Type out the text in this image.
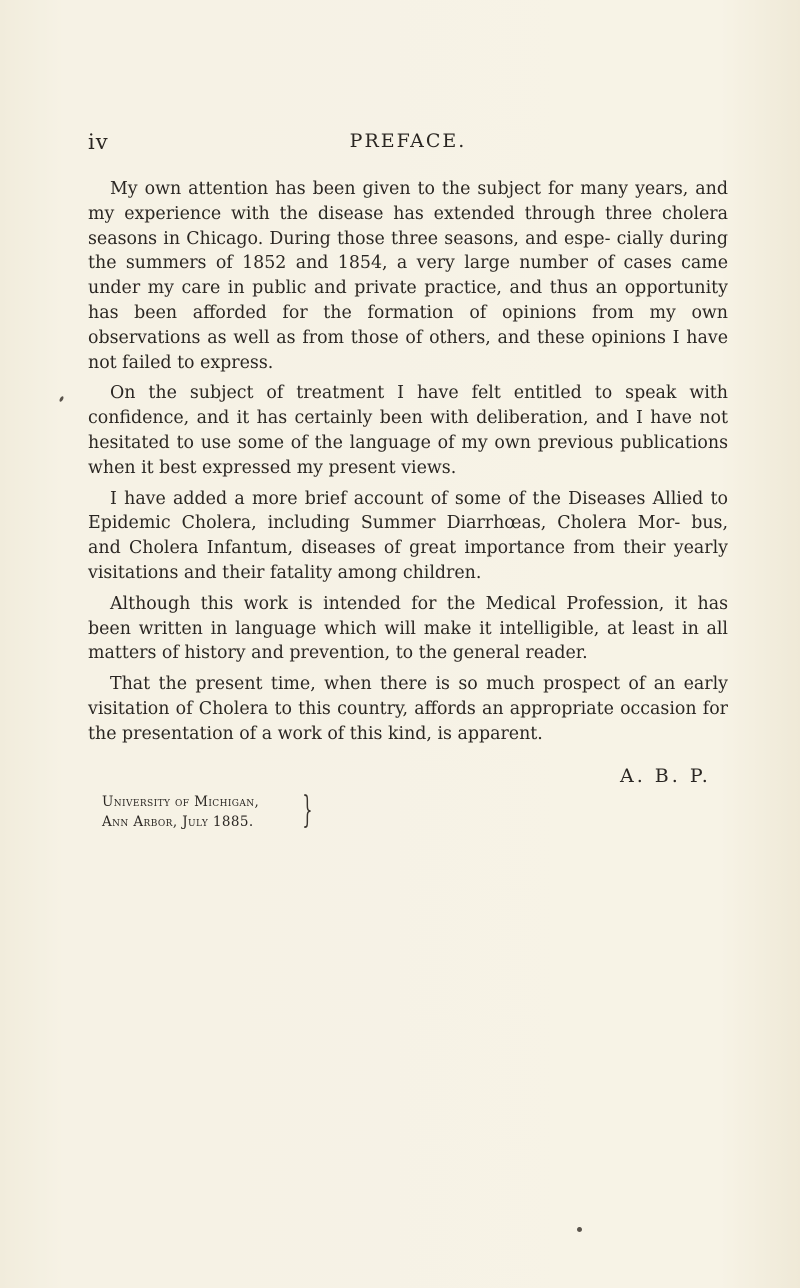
iv	PREFACE.

My own attention has been given to the subject for many years, and my experience with the disease has extended through three cholera seasons in Chicago. During those three seasons, and espe- cially during the summers of 1852 and 1854, a very large number of cases came under my care in public and private practice, and thus an opportunity has been afforded for the formation of opinions from my own observations as well as from those of others, and these opinions I have not failed to express.

On the subject of treatment I have felt entitled to speak with confidence, and it has certainly been with deliberation, and I have not hesitated to use some of the language of my own previous publications when it best expressed my present views.

I have added a more brief account of some of the Diseases Allied to Epidemic Cholera, including Summer Diarrhœas, Cholera Mor- bus, and Cholera Infantum, diseases of great importance from their yearly visitations and their fatality among children.

Although this work is intended for the Medical Profession, it has been written in language which will make it intelligible, at least in all matters of history and prevention, to the general reader.

That the present time, when there is so much prospect of an early visitation of Cholera to this country, affords an appropriate occasion for the presentation of a work of this kind, is apparent.

A. B. P.
University of Michigan,
Ann Arbor, July 1885. }
